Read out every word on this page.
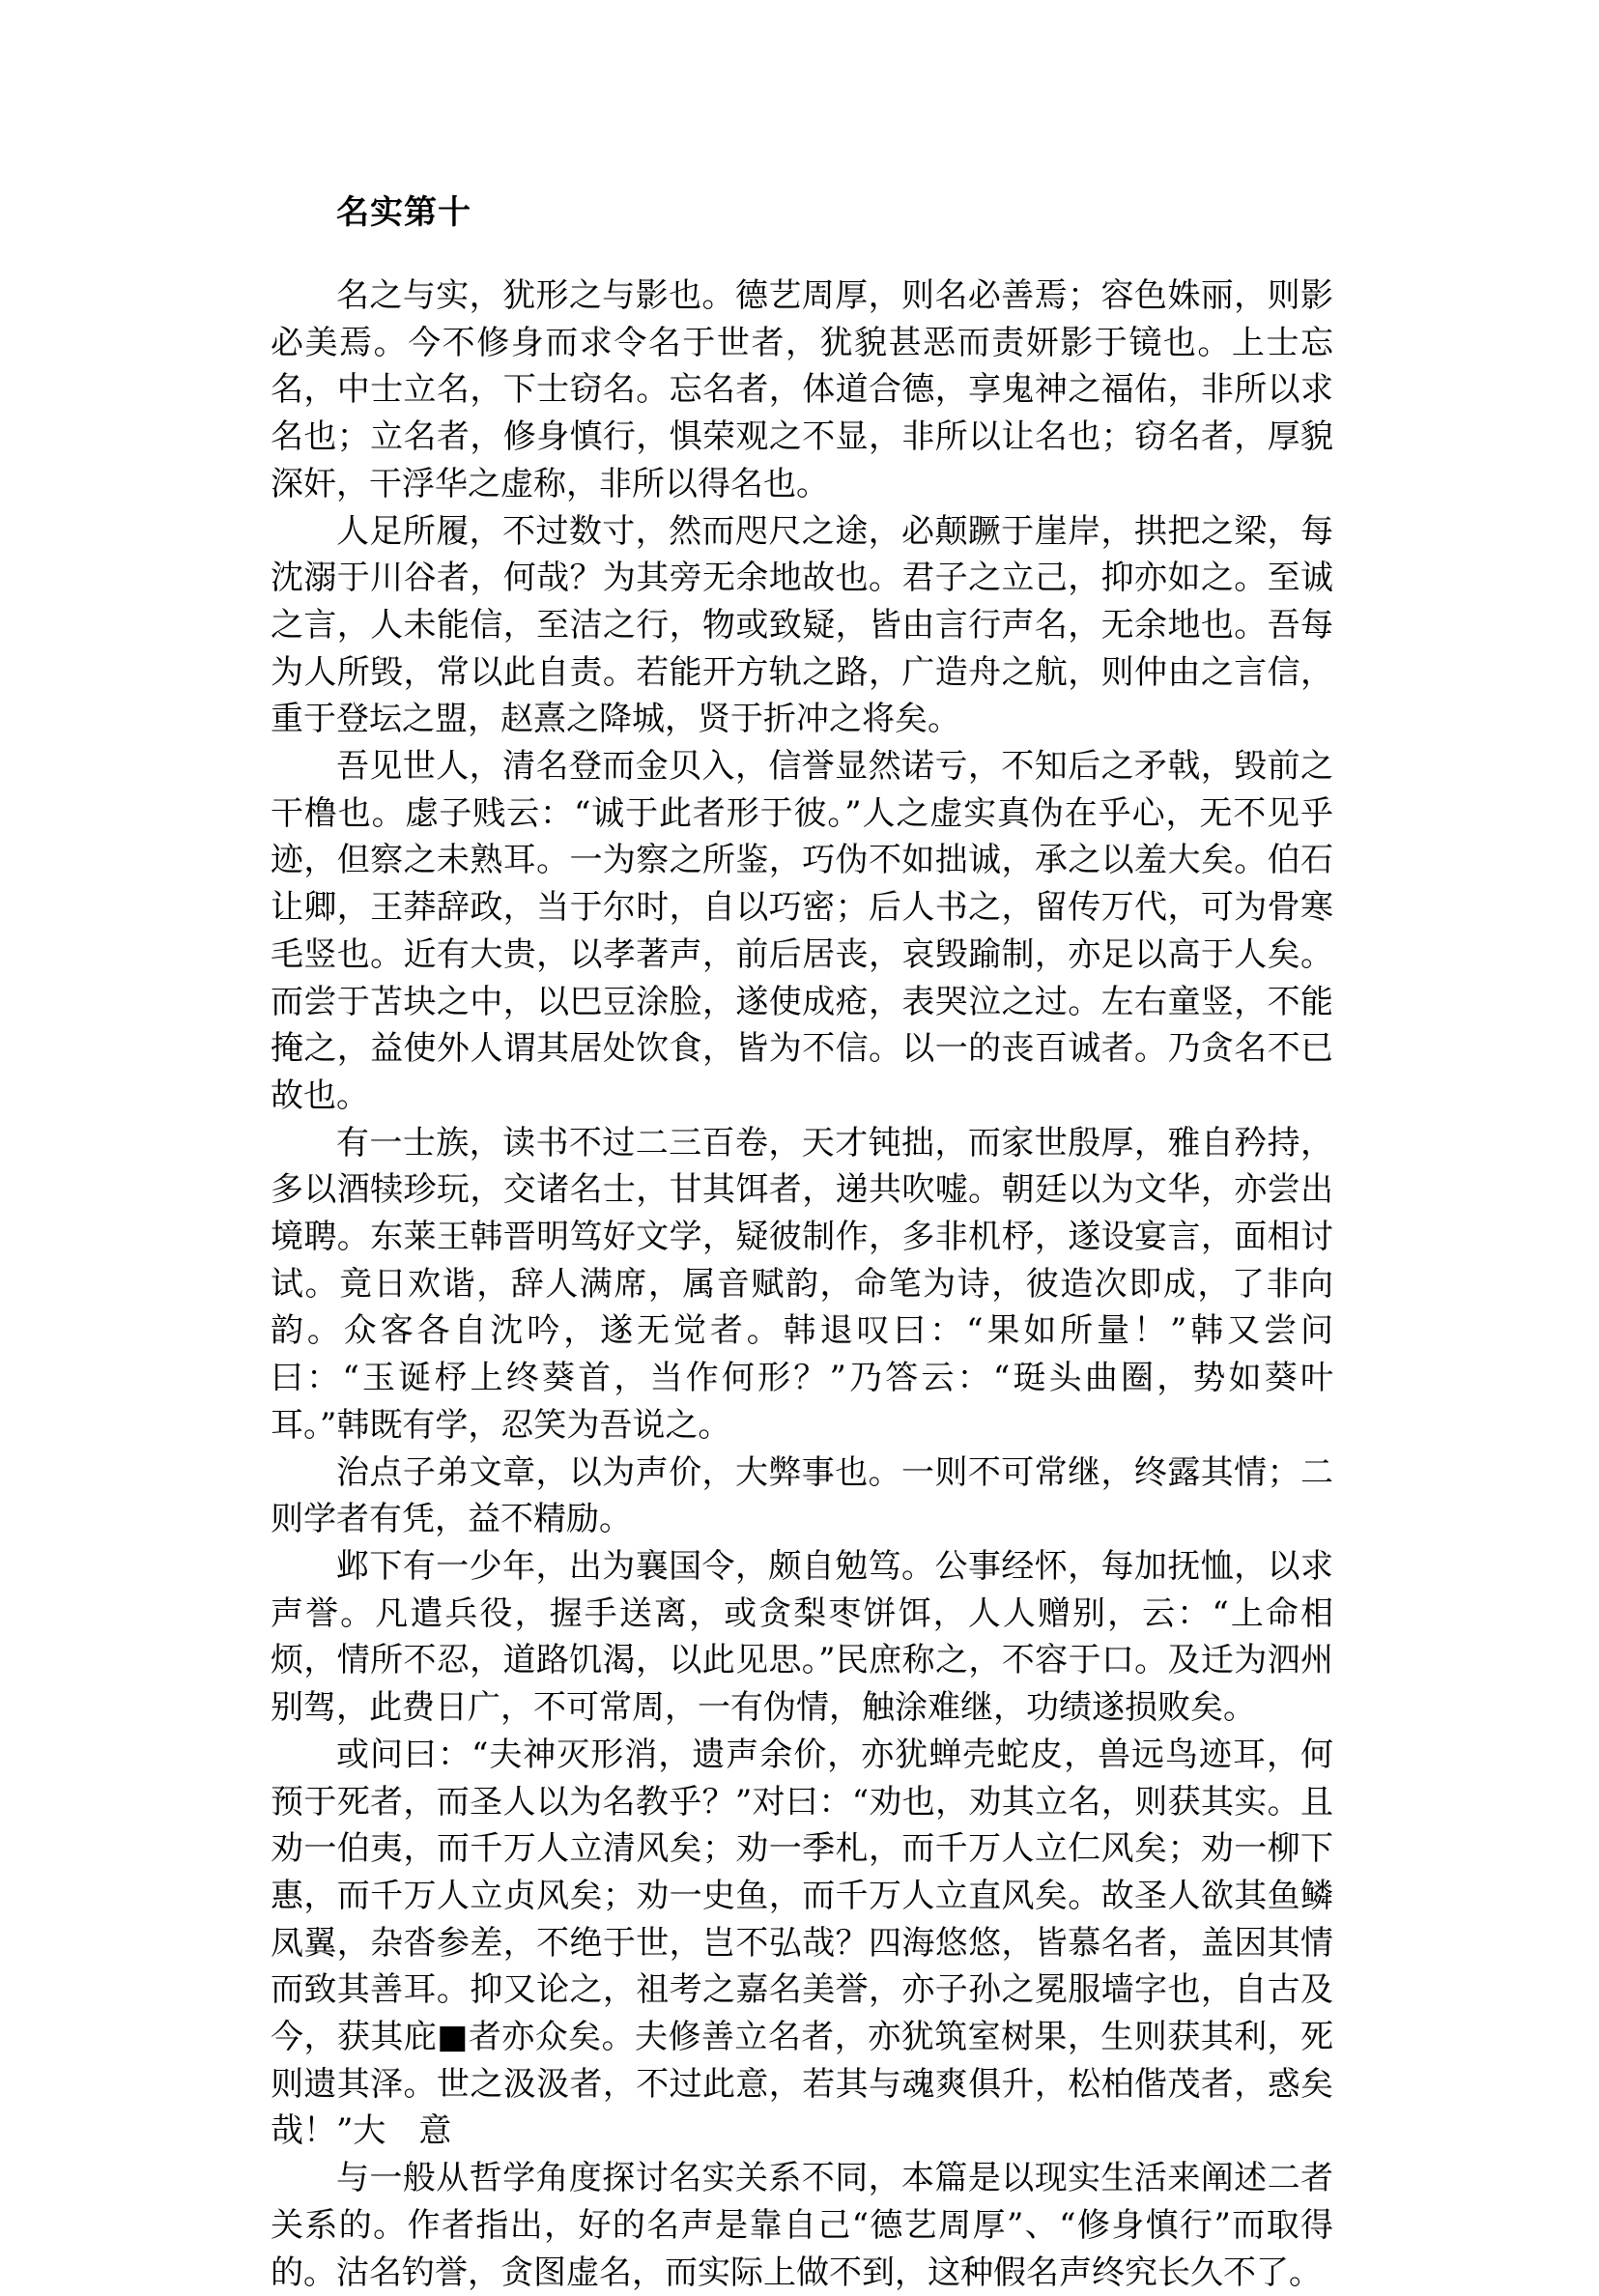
名实第十

名之与实，犹形之与影也。德艺周厚，则名必善焉；容色姝丽，则影必美焉。今不修身而求令名于世者，犹貌甚恶而责妍影于镜也。上士忘名，中士立名，下士窃名。忘名者，体道合德，享鬼神之福佑，非所以求名也；立名者，修身慎行，惧荣观之不显，非所以让名也；窃名者，厚貌深奸，干浮华之虚称，非所以得名也。

人足所履，不过数寸，然而咫尺之途，必颠蹶于崖岸，拱把之梁，每沈溺于川谷者，何哉？为其旁无余地故也。君子之立己，抑亦如之。至诚之言，人未能信，至洁之行，物或致疑，皆由言行声名，无余地也。吾每为人所毁，常以此自责。若能开方轨之路，广造舟之航，则仲由之言信，重于登坛之盟，赵熹之降城，贤于折冲之将矣。

吾见世人，清名登而金贝入，信誉显然诺亏，不知后之矛戟，毁前之干橹也。虙子贱云：“诚于此者形于彼。”人之虚实真伪在乎心，无不见乎迹，但察之未熟耳。一为察之所鉴，巧伪不如拙诚，承之以羞大矣。伯石让卿，王莽辞政，当于尔时，自以巧密；后人书之，留传万代，可为骨寒毛竖也。近有大贵，以孝著声，前后居丧，哀毁踰制，亦足以高于人矣。而尝于苫块之中，以巴豆涂脸，遂使成疮，表哭泣之过。左右童竖，不能掩之，益使外人谓其居处饮食，皆为不信。以一的丧百诚者。乃贪名不已故也。

有一士族，读书不过二三百卷，天才钝拙，而家世殷厚，雅自矜持，多以酒犊珍玩，交诸名士，甘其饵者，递共吹嘘。朝廷以为文华，亦尝出境聘。东莱王韩晋明笃好文学，疑彼制作，多非机杼，遂设宴言，面相讨试。竟日欢谐，辞人满席，属音赋韵，命笔为诗，彼造次即成，了非向韵。众客各自沈吟，遂无觉者。韩退叹曰：“果如所量！”韩又尝问曰：“玉诞杼上终葵首，当作何形？”乃答云：“珽头曲圈，势如葵叶耳。”韩既有学，忍笑为吾说之。

治点子弟文章，以为声价，大弊事也。一则不可常继，终露其情；二则学者有凭，益不精励。

邺下有一少年，出为襄国令，颇自勉笃。公事经怀，每加抚恤，以求声誉。凡遣兵役，握手送离，或贪梨枣饼饵，人人赠别，云：“上命相烦，情所不忍，道路饥渴，以此见思。”民庶称之，不容于口。及迁为泗州别驾，此费日广，不可常周，一有伪情，触涂难继，功绩遂损败矣。

或问曰：“夫神灭形消，遗声余价，亦犹蝉壳蛇皮，兽远鸟迹耳，何预于死者，而圣人以为名教乎？”对曰：“劝也，劝其立名，则获其实。且劝一伯夷，而千万人立清风矣；劝一季札，而千万人立仁风矣；劝一柳下惠，而千万人立贞风矣；劝一史鱼，而千万人立直风矣。故圣人欲其鱼鳞凤翼，杂沓参差，不绝于世，岂不弘哉？四海悠悠，皆慕名者，盖因其情而致其善耳。抑又论之，祖考之嘉名美誉，亦子孙之冕服墙字也，自古及今，获其庇■者亦众矣。夫修善立名者，亦犹筑室树果，生则获其利，死则遗其泽。世之汲汲者，不过此意，若其与魂爽俱升，松柏偕茂者，惑矣哉！”大　意

与一般从哲学角度探讨名实关系不同，本篇是以现实生活来阐述二者关系的。作者指出，好的名声是靠自己“德艺周厚”、“修身慎行”而取得的。沽名钓誉，贪图虚名，而实际上做不到，这种假名声终究长久不了。
